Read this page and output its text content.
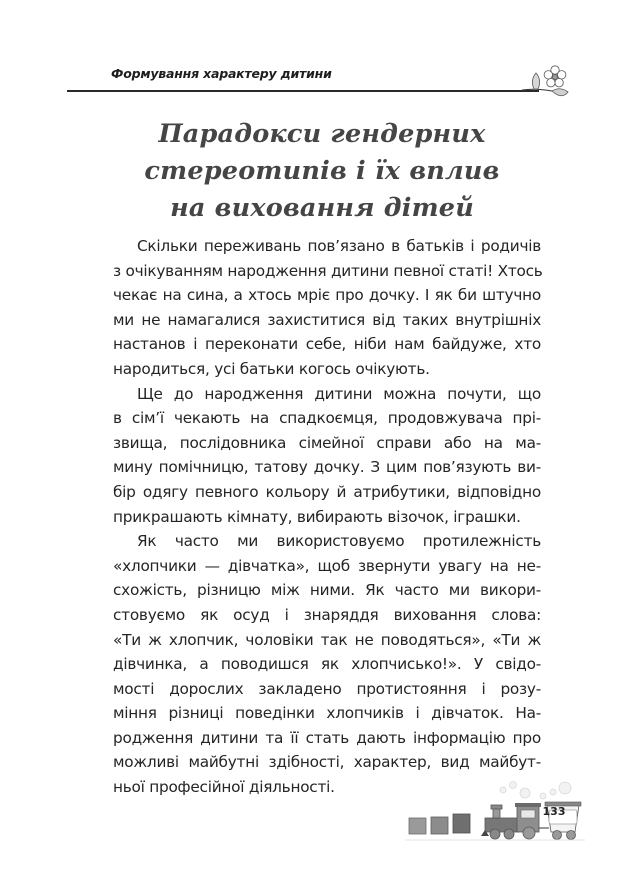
Формування характеру дитини
Парадокси гендерних
стереотипів і їх вплив
на виховання дітей

Скільки переживань пов’язано в батьків і родичів
з очікуванням народження дитини певної статі! Хтось
чекає на сина, а хтось мріє про дочку. І як би штучно
ми не намагалися захиститися від таких внутрішніх
настанов і переконати себе, ніби нам байдуже, хто
народиться, усі батьки когось очікують.

Ще до народження дитини можна почути, що
в сім’ї чекають на спадкоємця, продовжувача прі-
звища, послідовника сімейної справи або на ма-
мину помічницю, татову дочку. З цим пов’язують ви-
бір одягу певного кольору й атрибутики, відповідно
прикрашають кімнату, вибирають візочок, іграшки.

Як часто ми використовуємо протилежність
«хлопчики — дівчатка», щоб звернути увагу на не-
схожість, різницю між ними. Як часто ми викори-
стовуємо як осуд і знаряддя виховання слова:
«Ти ж хлопчик, чоловіки так не поводяться», «Ти ж
дівчинка, а поводишся як хлопчисько!». У свідо-
мості дорослих закладено протистояння і розу-
міння різниці поведінки хлопчиків і дівчаток. На-
родження дитини та її стать дають інформацію про
можливі майбутні здібності, характер, вид майбут-
ньої професійної діяльності.

133
